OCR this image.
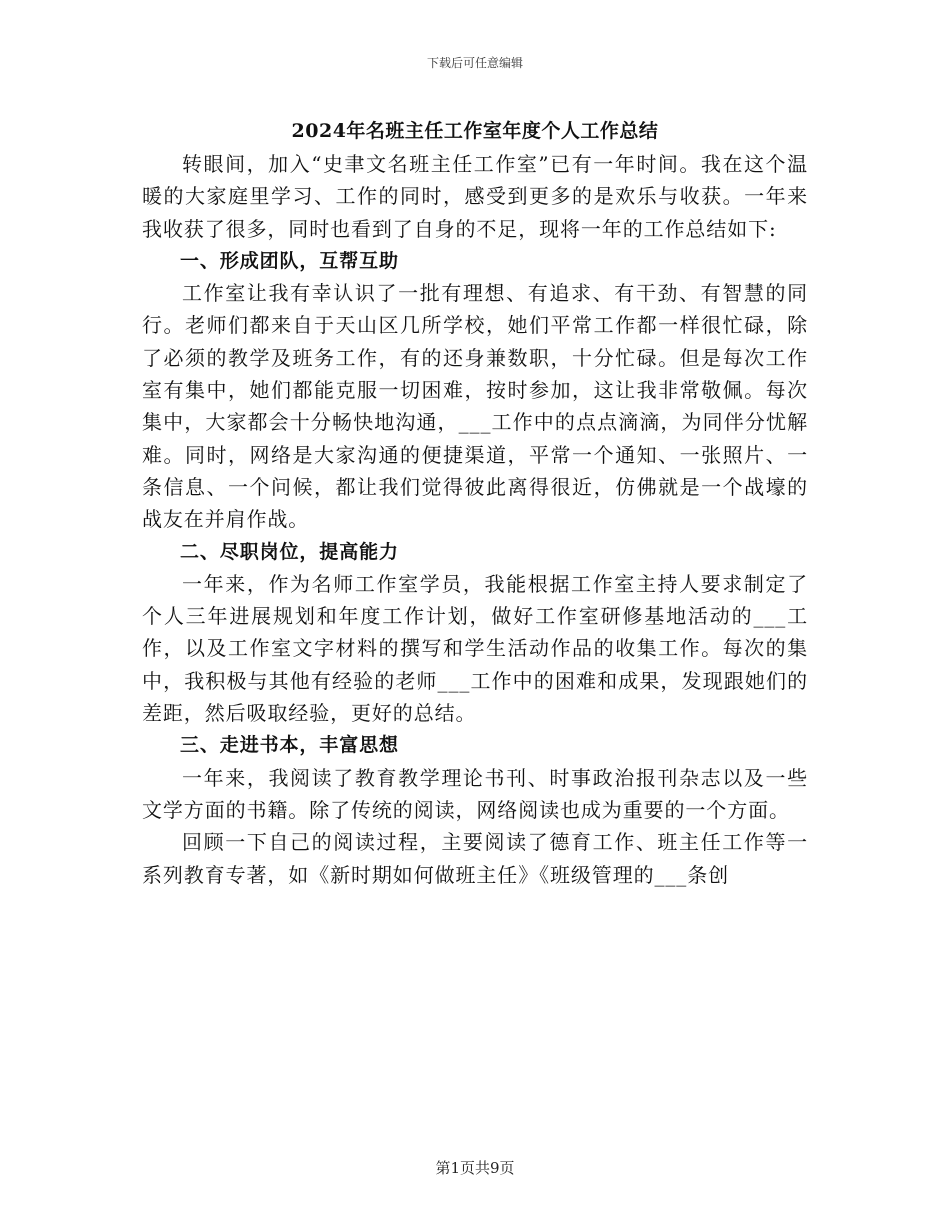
下载后可任意编辑
2024年名班主任工作室年度个人工作总结

转眼间，加入“史聿文名班主任工作室”已有一年时间。我在这个温暖的大家庭里学习、工作的同时，感受到更多的是欢乐与收获。一年来我收获了很多，同时也看到了自身的不足，现将一年的工作总结如下:

一、形成团队，互帮互助

工作室让我有幸认识了一批有理想、有追求、有干劲、有智慧的同行。老师们都来自于天山区几所学校，她们平常工作都一样很忙碌，除了必须的教学及班务工作，有的还身兼数职，十分忙碌。但是每次工作室有集中，她们都能克服一切困难，按时参加，这让我非常敬佩。每次集中，大家都会十分畅快地沟通，___工作中的点点滴滴，为同伴分忧解难。同时，网络是大家沟通的便捷渠道，平常一个通知、一张照片、一条信息、一个问候，都让我们觉得彼此离得很近，仿佛就是一个战壕的战友在并肩作战。

二、尽职岗位，提高能力

一年来，作为名师工作室学员，我能根据工作室主持人要求制定了个人三年进展规划和年度工作计划，做好工作室研修基地活动的___工作，以及工作室文字材料的撰写和学生活动作品的收集工作。每次的集中，我积极与其他有经验的老师___工作中的困难和成果，发现跟她们的差距，然后吸取经验，更好的总结。

三、走进书本，丰富思想

一年来，我阅读了教育教学理论书刊、时事政治报刊杂志以及一些文学方面的书籍。除了传统的阅读，网络阅读也成为重要的一个方面。

回顾一下自己的阅读过程，主要阅读了德育工作、班主任工作等一系列教育专著，如《新时期如何做班主任》《班级管理的___条创

第1页共9页
